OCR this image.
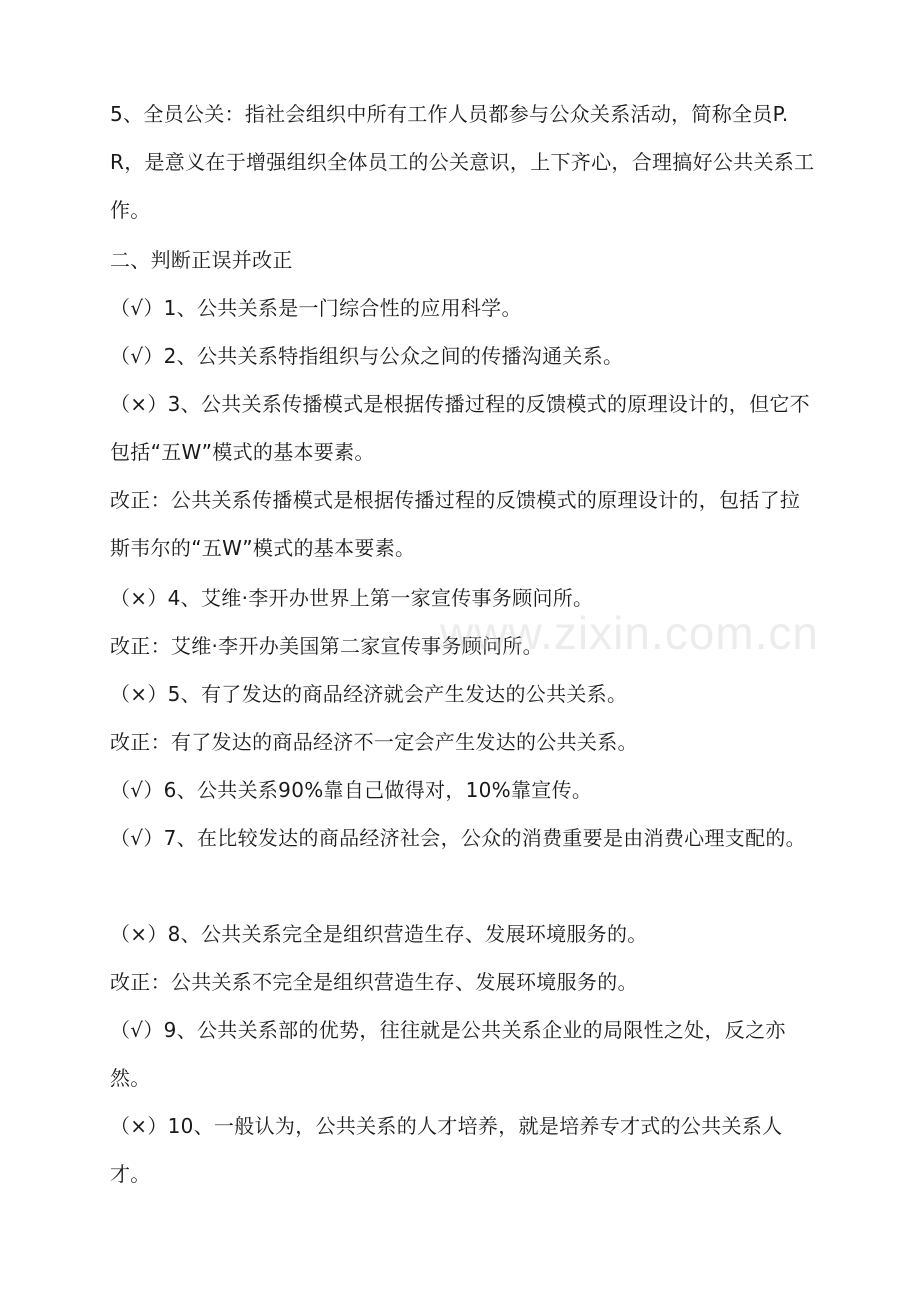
5、全员公关：指社会组织中所有工作人员都参与公众关系活动，简称全员P.R，是意义在于增强组织全体员工的公关意识，上下齐心，合理搞好公共关系工作。

二、判断正误并改正

（√）1、公共关系是一门综合性的应用科学。

（√）2、公共关系特指组织与公众之间的传播沟通关系。

（×）3、公共关系传播模式是根据传播过程的反馈模式的原理设计的，但它不包括“五W”模式的基本要素。

改正：公共关系传播模式是根据传播过程的反馈模式的原理设计的，包括了拉斯韦尔的“五W”模式的基本要素。

（×）4、艾维·李开办世界上第一家宣传事务顾问所。

改正：艾维·李开办美国第二家宣传事务顾问所。

（×）5、有了发达的商品经济就会产生发达的公共关系。

改正：有了发达的商品经济不一定会产生发达的公共关系。

（√）6、公共关系90%靠自己做得对，10%靠宣传。

（√）7、在比较发达的商品经济社会，公众的消费重要是由消费心理支配的。

（×）8、公共关系完全是组织营造生存、发展环境服务的。

改正：公共关系不完全是组织营造生存、发展环境服务的。

（√）9、公共关系部的优势，往往就是公共关系企业的局限性之处，反之亦然。

（×）10、一般认为，公共关系的人才培养，就是培养专才式的公共关系人才。

www.zixin.com.cn
